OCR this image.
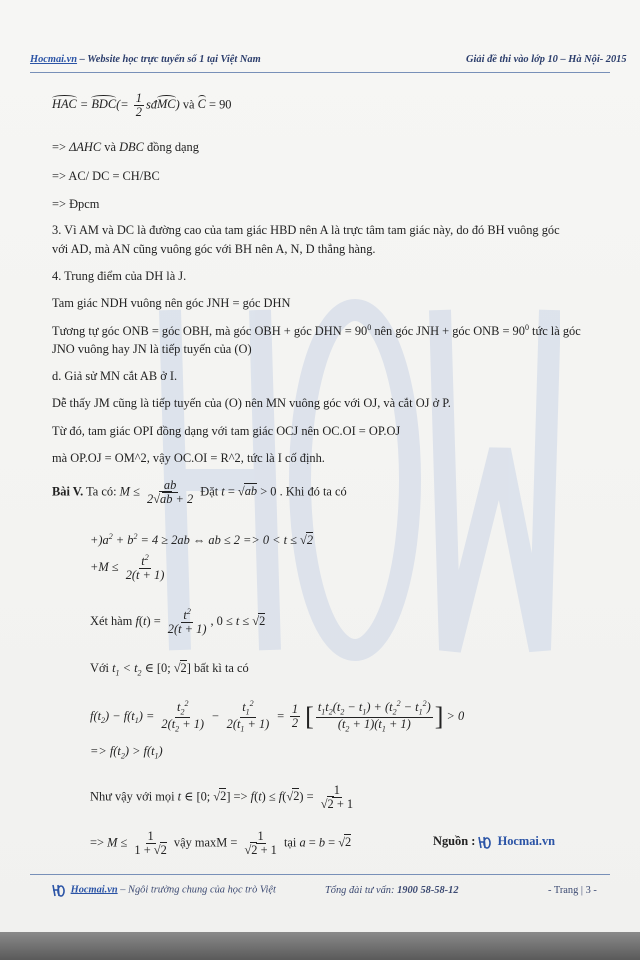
Hocmai.vn – Website học trực tuyến số 1 tại Việt Nam	Giải đề thi vào lớp 10 – Hà Nội- 2015
HAC = $BDC(= \frac{1}{2}$ sđMC) và C = 90
=> ΔAHC và DBC đồng dạng
=> AC/ DC = CH/BC
=> Đpcm
3. Vì AM và DC là đường cao của tam giác HBD nên A là trực tâm tam giác này, do đó BH vuông góc
với AD, mà AN cũng vuông góc với BH nên A, N, D thẳng hàng.
4. Trung điểm của DH là J.
Tam giác NDH vuông nên góc JNH = góc DHN
Tương tự góc ONB = góc OBH, mà góc OBH + góc DHN = $90^0$ nên góc JNH + góc ONB = $90^0$ tức là góc
JNO vuông hay JN là tiếp tuyến của (O)
d. Giả sử MN cắt AB ở I.
Dễ thấy JM cũng là tiếp tuyến của (O) nên MN vuông góc với OJ, và cắt OJ ở P.
Từ đó, tam giác OPI đồng dạng với tam giác OCJ nên OC.OI = OP.OJ
mà OP.OJ = OM^2, vậy OC.OI = R^2, tức là I cố định.
Bài V. Ta có: $M \le \frac{ab}{2√ab + 2}$ Đặt t = √ab > 0 . Khi đó ta có
$+)a^2 + b^2 = 4 \ge 2ab$ ⇔ ab ≤ 2 => 0 < t ≤ √2
$+M \le \frac{t^2}{2(t + 1)}$
Xét hàm $f(t) = \frac{t^2}{2(t + 1)}$ , 0 ≤ t ≤ √2
Với $t_1 < t_2$ ∈ [0; √2] bất kì ta có
$f(t_2) - f(t_1) = \frac{t_2^2}{2(t_2 + 1)} - \frac{t_1^2}{2(t_1 + 1)} = \frac{1}{2}$ [ $\frac{t_1t_2(t_2 - t_1) + (t_2^2 - t_1^2)}{(t_2 + 1)(t_1 + 1)}$ ] > 0
=> $f(t_2) > f(t_1)$
Như vậy với mọi t ∈ [0; $√2] => f(t) \le f(√2) = \frac{1}{√2 + 1}$
=> $M \le \frac{1}{1 + √2}$ vậy $\max M = \frac{1}{√2 + 1}$ tại a = b = √2	Nguồn : Hocmai.vn
Hocmai.vn – Ngôi trường chung của học trò Việt	Tổng đài tư vấn: 1900 58-58-12	- Trang | 3 -
